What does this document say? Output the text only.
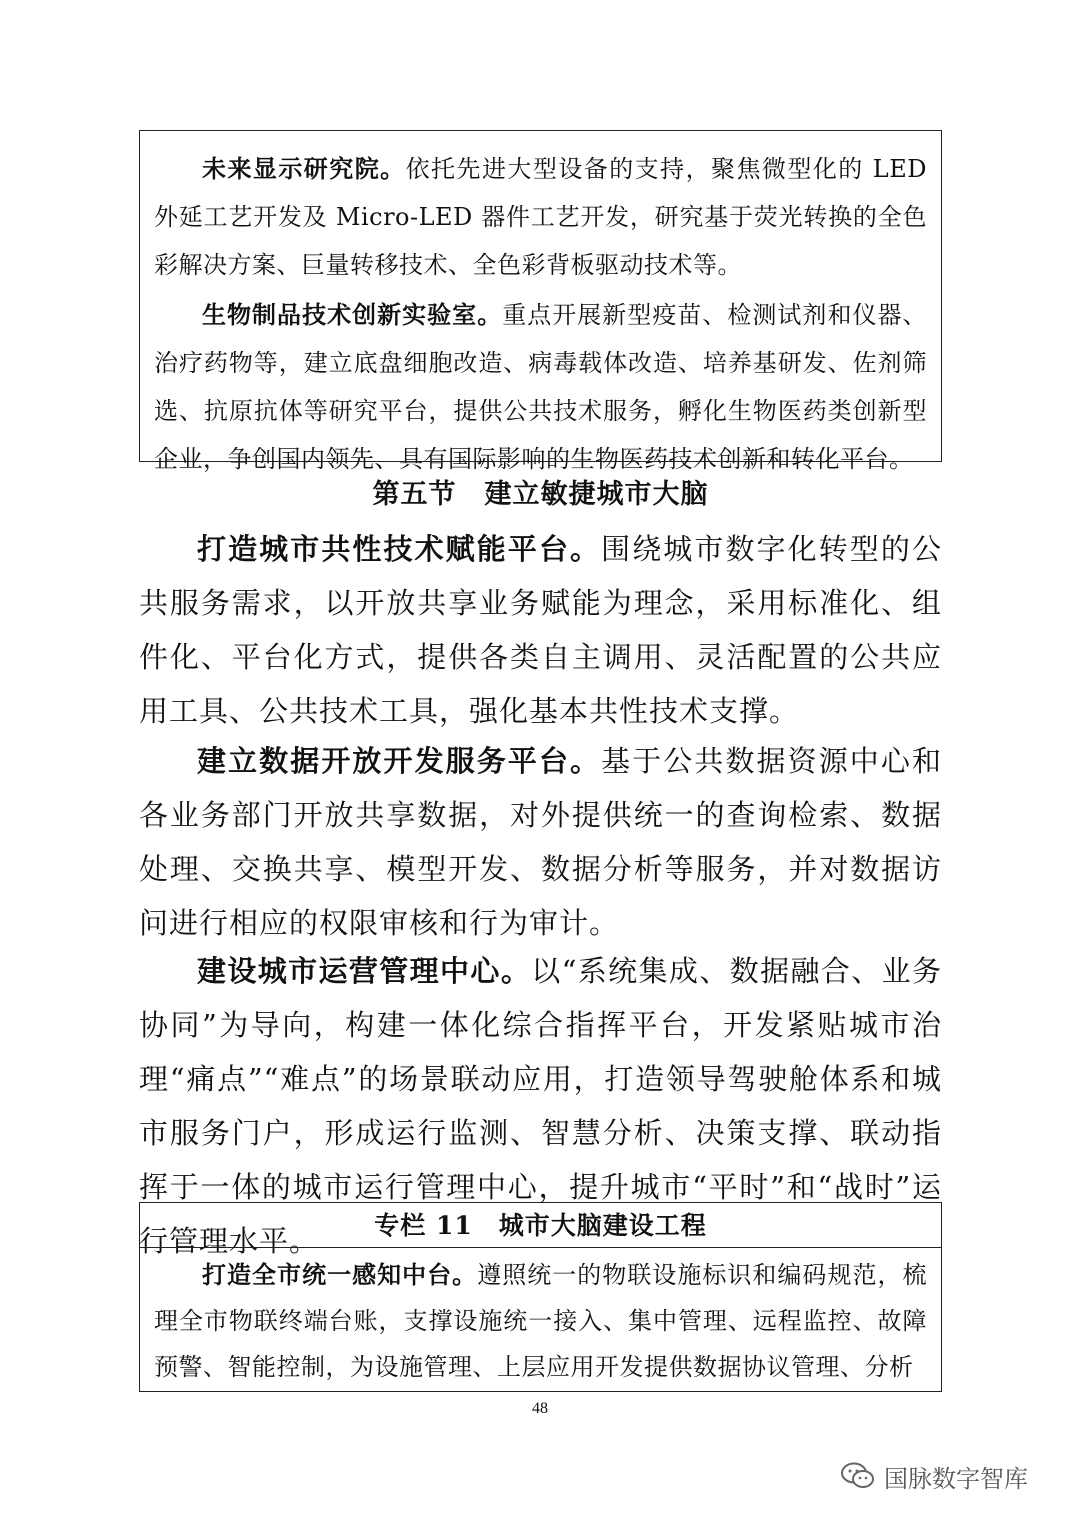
未来显示研究院。依托先进大型设备的支持，聚焦微型化的 LED 外延工艺开发及 Micro-LED 器件工艺开发，研究基于荧光转换的全色彩解决方案、巨量转移技术、全色彩背板驱动技术等。

生物制品技术创新实验室。重点开展新型疫苗、检测试剂和仪器、治疗药物等，建立底盘细胞改造、病毒载体改造、培养基研发、佐剂筛选、抗原抗体等研究平台，提供公共技术服务，孵化生物医药类创新型企业，争创国内领先、具有国际影响的生物医药技术创新和转化平台。

第五节　建立敏捷城市大脑

打造城市共性技术赋能平台。围绕城市数字化转型的公共服务需求，以开放共享业务赋能为理念，采用标准化、组件化、平台化方式，提供各类自主调用、灵活配置的公共应用工具、公共技术工具，强化基本共性技术支撑。

建立数据开放开发服务平台。基于公共数据资源中心和各业务部门开放共享数据，对外提供统一的查询检索、数据处理、交换共享、模型开发、数据分析等服务，并对数据访问进行相应的权限审核和行为审计。

建设城市运营管理中心。以“系统集成、数据融合、业务协同”为导向，构建一体化综合指挥平台，开发紧贴城市治理“痛点”“难点”的场景联动应用，打造领导驾驶舱体系和城市服务门户，形成运行监测、智慧分析、决策支撑、联动指挥于一体的城市运行管理中心，提升城市“平时”和“战时”运行管理水平。	专栏 11　城市大脑建设工程

打造全市统一感知中台。遵照统一的物联设施标识和编码规范，梳理全市物联终端台账，支撑设施统一接入、集中管理、远程监控、故障预警、智能控制，为设施管理、上层应用开发提供数据协议管理、分析

48
国脉数字智库
